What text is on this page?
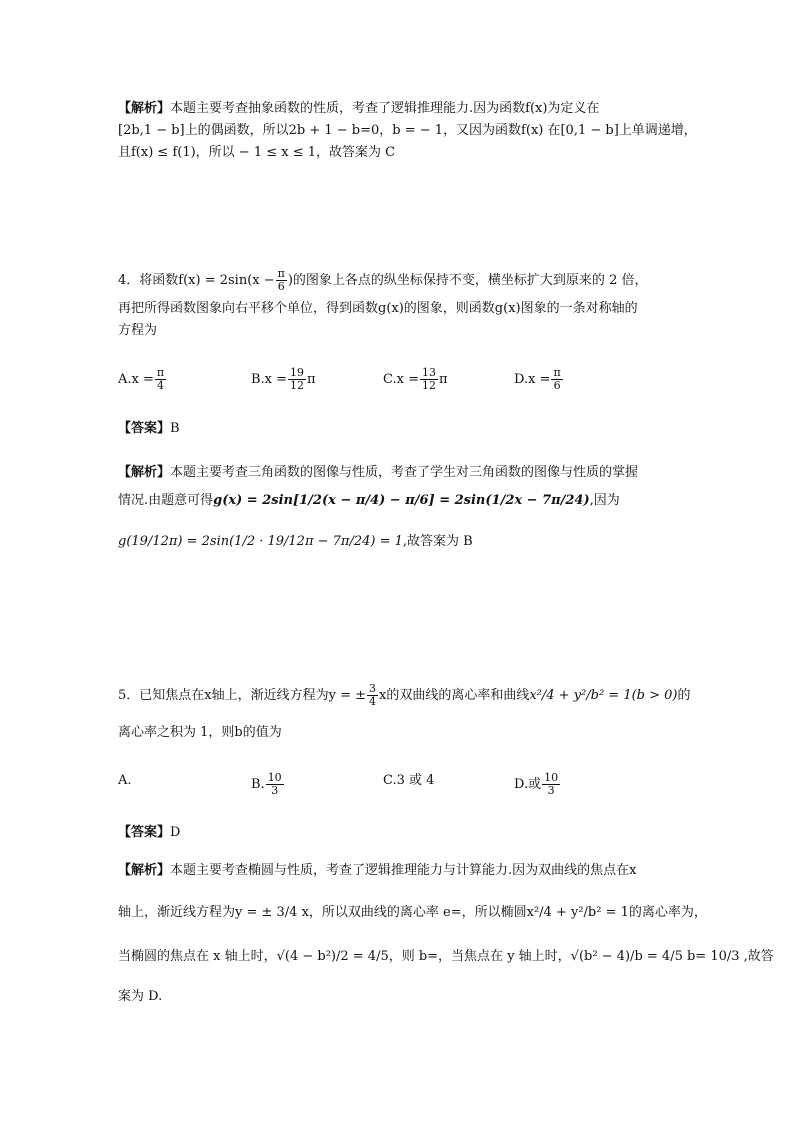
【解析】本题主要考查抽象函数的性质，考查了逻辑推理能力.因为函数f(x)为定义在
[2b,1 − b]上的偶函数，所以2b + 1 − b=0，b = − 1，又因为函数f(x) 在[0,1 − b]上单调递增，
且f(x) ≤ f(1)，所以 − 1 ≤ x ≤ 1，故答案为 C
4．将函数$f(x) = 2\sin(x - \frac{\pi}{6}$ )的图象上各点的纵坐标保持不变，横坐标扩大到原来的 2 倍，
再把所得函数图象向右平移个单位，得到函数g(x)的图象，则函数g(x)图象的一条对称轴的
方程为
$A.x = \frac{\pi}{4}$	$B.x = \frac{19}{12}$ π	$C.x = \frac{13}{12}$ π	$D.x = \frac{\pi}{6}$
【答案】B
【解析】本题主要考查三角函数的图像与性质，考查了学生对三角函数的图像与性质的掌握
情况.由题意可得g(x) = 2sin[1/2(x − π/4) − π/6] = 2sin(1/2x − 7π/24),因为
g(19/12π) = 2sin(1/2 · 19/12π − 7π/24) = 1,故答案为 B
5．已知焦点在x轴上，渐近线方程为y = ± $\frac{3}{4}$ x的双曲线的离心率和曲线x²/4 + y²/b² = 1(b > 0)的
离心率之积为 1，则b的值为
A.	B. $\frac{10}{3}$	C.3 或 4	D.或 $\frac{10}{3}$
【答案】D
【解析】本题主要考查椭圆与性质，考查了逻辑推理能力与计算能力.因为双曲线的焦点在x
轴上，渐近线方程为y = ± 3/4 x，所以双曲线的离心率 e=，所以椭圆x²/4 + y²/b² = 1的离心率为，
当椭圆的焦点在 x 轴上时，√(4 − b²)/2 = 4/5，则 b=，当焦点在 y 轴上时，√(b² − 4)/b = 4/5 b= 10/3 ,故答
案为 D.
